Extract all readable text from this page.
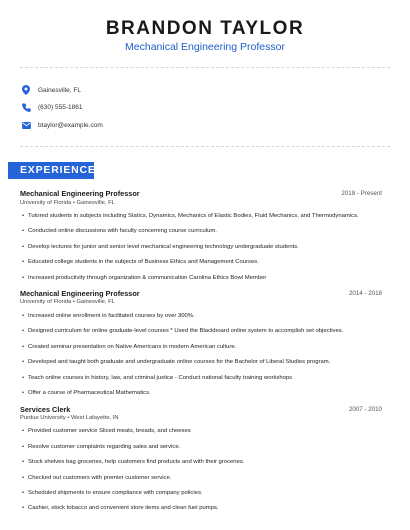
BRANDON TAYLOR
Mechanical Engineering Professor
Gainesville, FL
(630) 555-1861
btaylor@example.com
EXPERIENCE
Mechanical Engineering Professor	2018 - Present
University of Florida • Gainesville, FL
• Tutored students in subjects including Statics, Dynamics, Mechanics of Elastic Bodies, Fluid Mechanics, and Thermodynamics.
• Conducted online discussions with faculty concerning course curriculum.
• Develop lectures for junior and senior level mechanical engineering technology undergraduate students.
• Educated college students in the subjects of Business Ethics and Management Courses.
• Increased productivity through organization & communication Carolina Ethics Bowl Member
Mechanical Engineering Professor	2014 - 2018
University of Florida • Gainesville, FL
• Increased online enrollment in facilitated courses by over 300%.
• Designed curriculum for online graduate-level courses * Used the Blackboard online system to accomplish set objectives.
• Created seminar presentation on Native Americans in modern American culture.
• Developed and taught both graduate and undergraduate online courses for the Bachelor of Liberal Studies program.
• Teach online courses in history, law, and criminal justice - Conduct national faculty training workshops
• Offer a course of Pharmaceutical Mathematics.
Services Clerk	2007 - 2010
Purdue University • West Lafayette, IN
• Provided customer service Sliced meats, breads, and cheeses
• Resolve customer complaints regarding sales and service.
• Stock shelves bag groceries, help customers find products and with their groceries.
• Checked out customers with premier customer service.
• Scheduled shipments to ensure compliance with company policies.
• Cashier, stock tobacco and convenient store items and clean fuel pumps.
